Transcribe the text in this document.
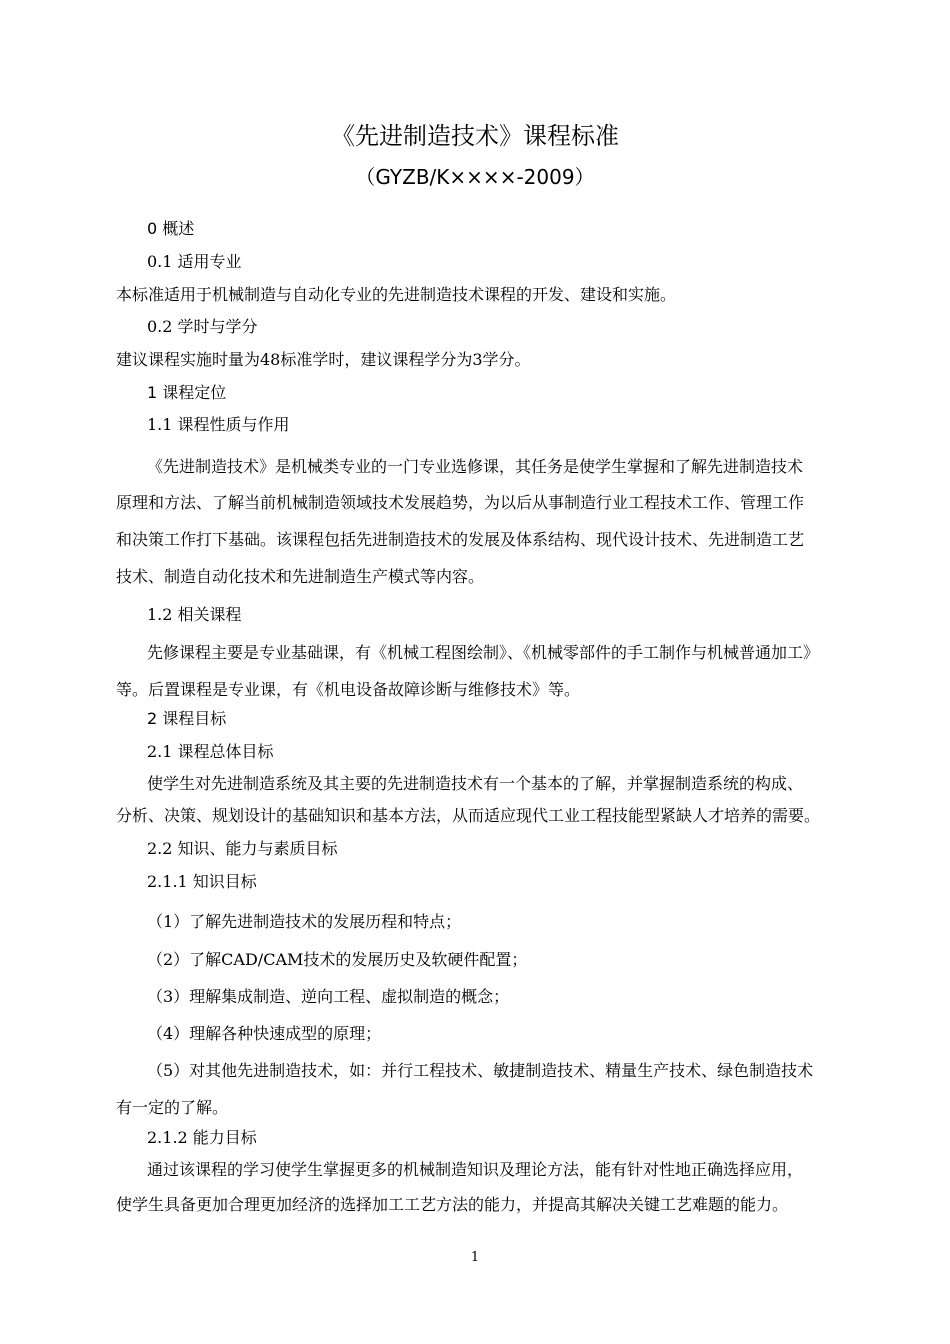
《先进制造技术》课程标准
（GYZB/K××××-2009）
0 概述
0.1 适用专业
本标准适用于机械制造与自动化专业的先进制造技术课程的开发、建设和实施。
0.2 学时与学分
建议课程实施时量为48标准学时，建议课程学分为3学分。
1 课程定位
1.1 课程性质与作用
《先进制造技术》是机械类专业的一门专业选修课，其任务是使学生掌握和了解先进制造技术
原理和方法、了解当前机械制造领域技术发展趋势，为以后从事制造行业工程技术工作、管理工作
和决策工作打下基础。该课程包括先进制造技术的发展及体系结构、现代设计技术、先进制造工艺
技术、制造自动化技术和先进制造生产模式等内容。
1.2 相关课程
先修课程主要是专业基础课，有《机械工程图绘制》、《机械零部件的手工制作与机械普通加工》
等。后置课程是专业课，有《机电设备故障诊断与维修技术》等。
2 课程目标
2.1 课程总体目标
使学生对先进制造系统及其主要的先进制造技术有一个基本的了解，并掌握制造系统的构成、
分析、决策、规划设计的基础知识和基本方法，从而适应现代工业工程技能型紧缺人才培养的需要。
2.2 知识、能力与素质目标
2.1.1 知识目标
（1）了解先进制造技术的发展历程和特点；
（2）了解CAD/CAM技术的发展历史及软硬件配置；
（3）理解集成制造、逆向工程、虚拟制造的概念；
（4）理解各种快速成型的原理；
（5）对其他先进制造技术，如：并行工程技术、敏捷制造技术、精量生产技术、绿色制造技术
有一定的了解。
2.1.2 能力目标
通过该课程的学习使学生掌握更多的机械制造知识及理论方法，能有针对性地正确选择应用，
使学生具备更加合理更加经济的选择加工工艺方法的能力，并提高其解决关键工艺难题的能力。
1
